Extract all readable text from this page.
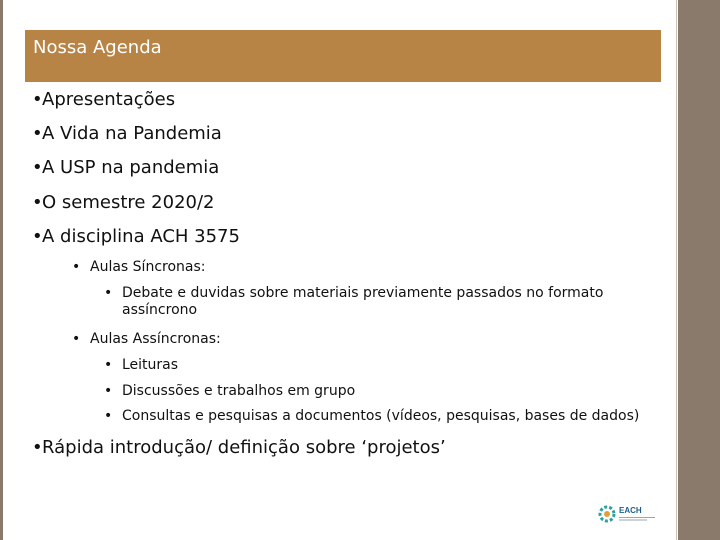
Nossa Agenda
•Apresentações
•A Vida na Pandemia
•A USP na pandemia
•O semestre 2020/2
•A disciplina ACH 3575
• Aulas Síncronas:
• Debate e duvidas sobre materiais previamente passados no formato
assíncrono
• Aulas Assíncronas:
• Leituras
• Discussões e trabalhos em grupo
• Consultas e pesquisas a documentos (vídeos, pesquisas, bases de dados)
•Rápida introdução/ definição sobre ‘projetos’
EACH
